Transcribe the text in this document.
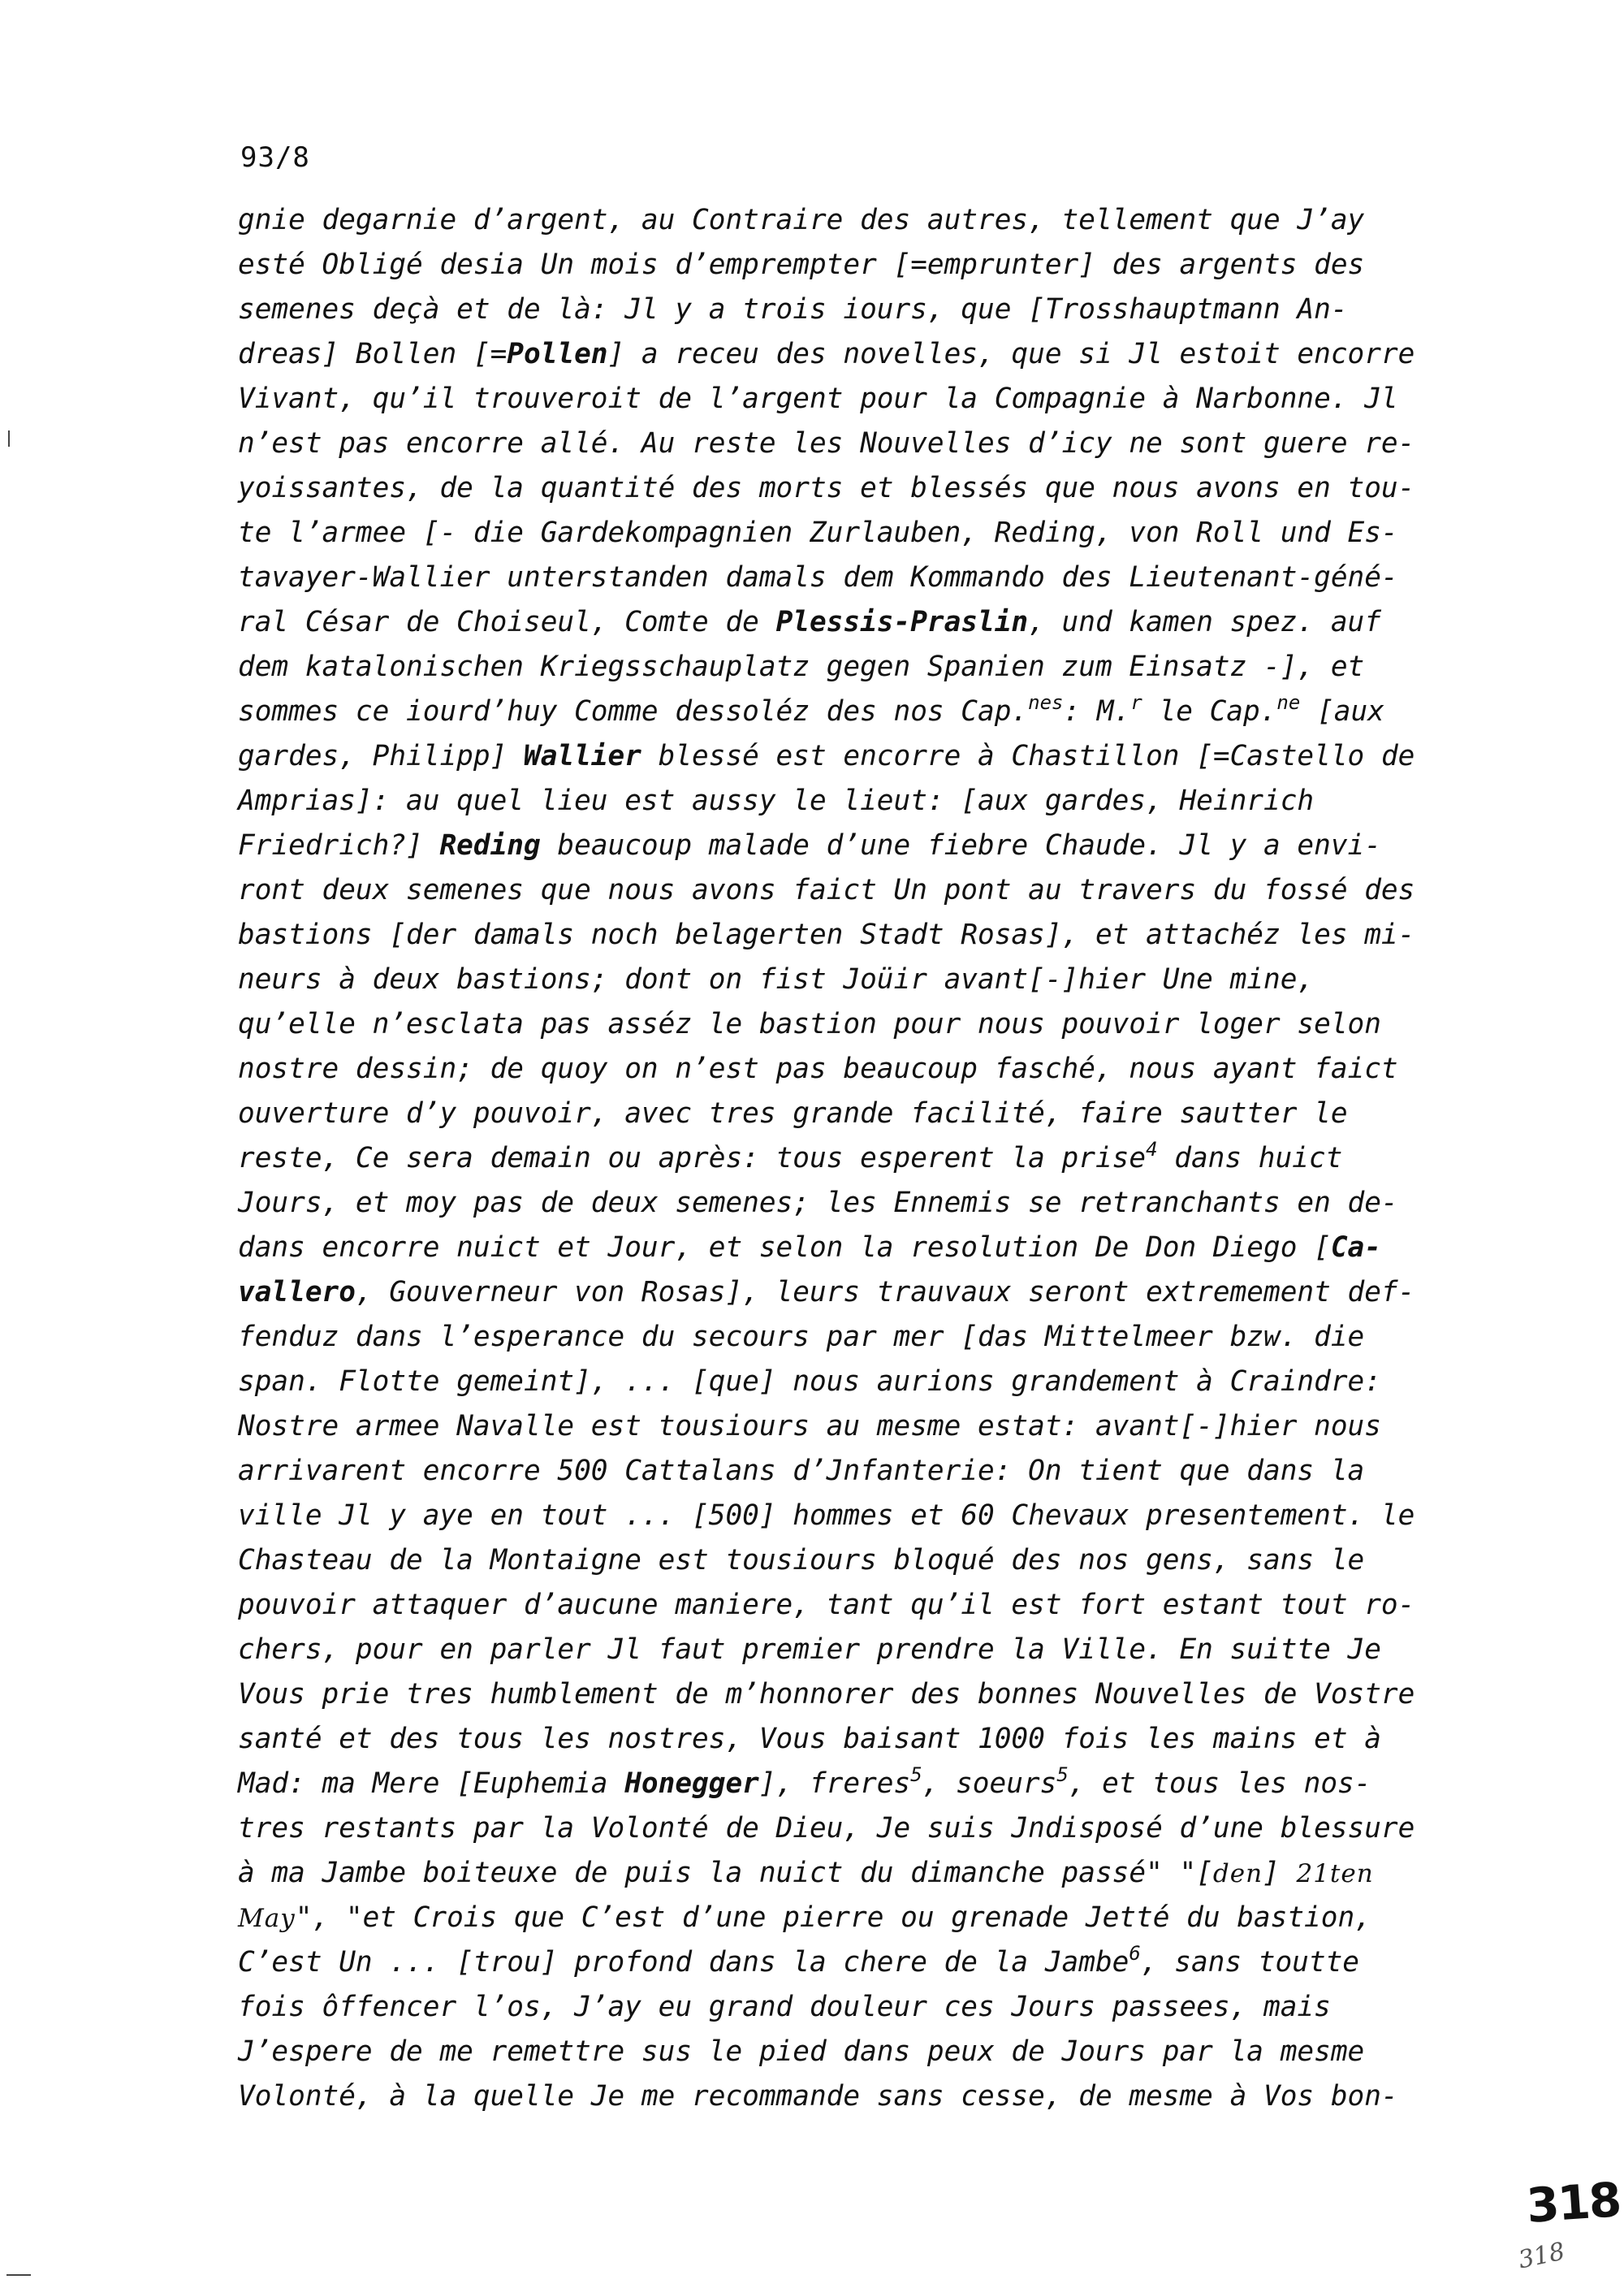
93/8
gnie degarnie d’argent, au Contraire des autres, tellement que J’ay
esté Obligé desia Un mois d’emprempter [=emprunter] des argents des
semenes deçà et de là: Jl y a trois iours, que [Trosshauptmann An-
dreas] Bollen [=Pollen] a receu des novelles, que si Jl estoit encorre
Vivant, qu’il trouveroit de l’argent pour la Compagnie à Narbonne. Jl
n’est pas encorre allé. Au reste les Nouvelles d’icy ne sont guere re-
yoissantes, de la quantité des morts et blessés que nous avons en tou-
te l’armee [- die Gardekompagnien Zurlauben, Reding, von Roll und Es-
tavayer-Wallier unterstanden damals dem Kommando des Lieutenant-géné-
ral César de Choiseul, Comte de Plessis-Praslin, und kamen spez. auf
dem katalonischen Kriegsschauplatz gegen Spanien zum Einsatz -], et
sommes ce iourd’huy Comme dessoléz des nos Cap.$^{nes}$: M.$^r$ le Cap.$^{ne}$ [aux
gardes, Philipp] Wallier blessé est encorre à Chastillon [=Castello de
Amprias]: au quel lieu est aussy le lieut: [aux gardes, Heinrich
Friedrich?] Reding beaucoup malade d’une fiebre Chaude. Jl y a envi-
ront deux semenes que nous avons faict Un pont au travers du fossé des
bastions [der damals noch belagerten Stadt Rosas], et attachéz les mi-
neurs à deux bastions; dont on fist Joüir avant[-]hier Une mine,
qu’elle n’esclata pas asséz le bastion pour nous pouvoir loger selon
nostre dessin; de quoy on n’est pas beaucoup fasché, nous ayant faict
ouverture d’y pouvoir, avec tres grande facilité, faire sautter le
reste, Ce sera demain ou après: tous esperent la prise$^4$ dans huict
Jours, et moy pas de deux semenes; les Ennemis se retranchants en de-
dans encorre nuict et Jour, et selon la resolution De Don Diego [Ca-
vallero, Gouverneur von Rosas], leurs trauvaux seront extremement def-
fenduz dans l’esperance du secours par mer [das Mittelmeer bzw. die
span. Flotte gemeint], ... [que] nous aurions grandement à Craindre:
Nostre armee Navalle est tousiours au mesme estat: avant[-]hier nous
arrivarent encorre 500 Cattalans d’Jnfanterie: On tient que dans la
ville Jl y aye en tout ... [500] hommes et 60 Chevaux presentement. le
Chasteau de la Montaigne est tousiours bloqué des nos gens, sans le
pouvoir attaquer d’aucune maniere, tant qu’il est fort estant tout ro-
chers, pour en parler Jl faut premier prendre la Ville. En suitte Je
Vous prie tres humblement de m’honnorer des bonnes Nouvelles de Vostre
santé et des tous les nostres, Vous baisant 1000 fois les mains et à
Mad: ma Mere [Euphemia Honegger], freres$^5$, soeurs$^5$, et tous les nos-
tres restants par la Volonté de Dieu, Je suis Jndisposé d’une blessure
à ma Jambe boiteuxe de puis la nuict du dimanche passé" "[den] 21ten
May", "et Crois que C’est d’une pierre ou grenade Jetté du bastion,
C’est Un ... [trou] profond dans la chere de la Jambe$^6$, sans toutte
fois ôffencer l’os, J’ay eu grand douleur ces Jours passees, mais
J’espere de me remettre sus le pied dans peux de Jours par la mesme
Volonté, à la quelle Je me recommande sans cesse, de mesme à Vos bon-
318
318
